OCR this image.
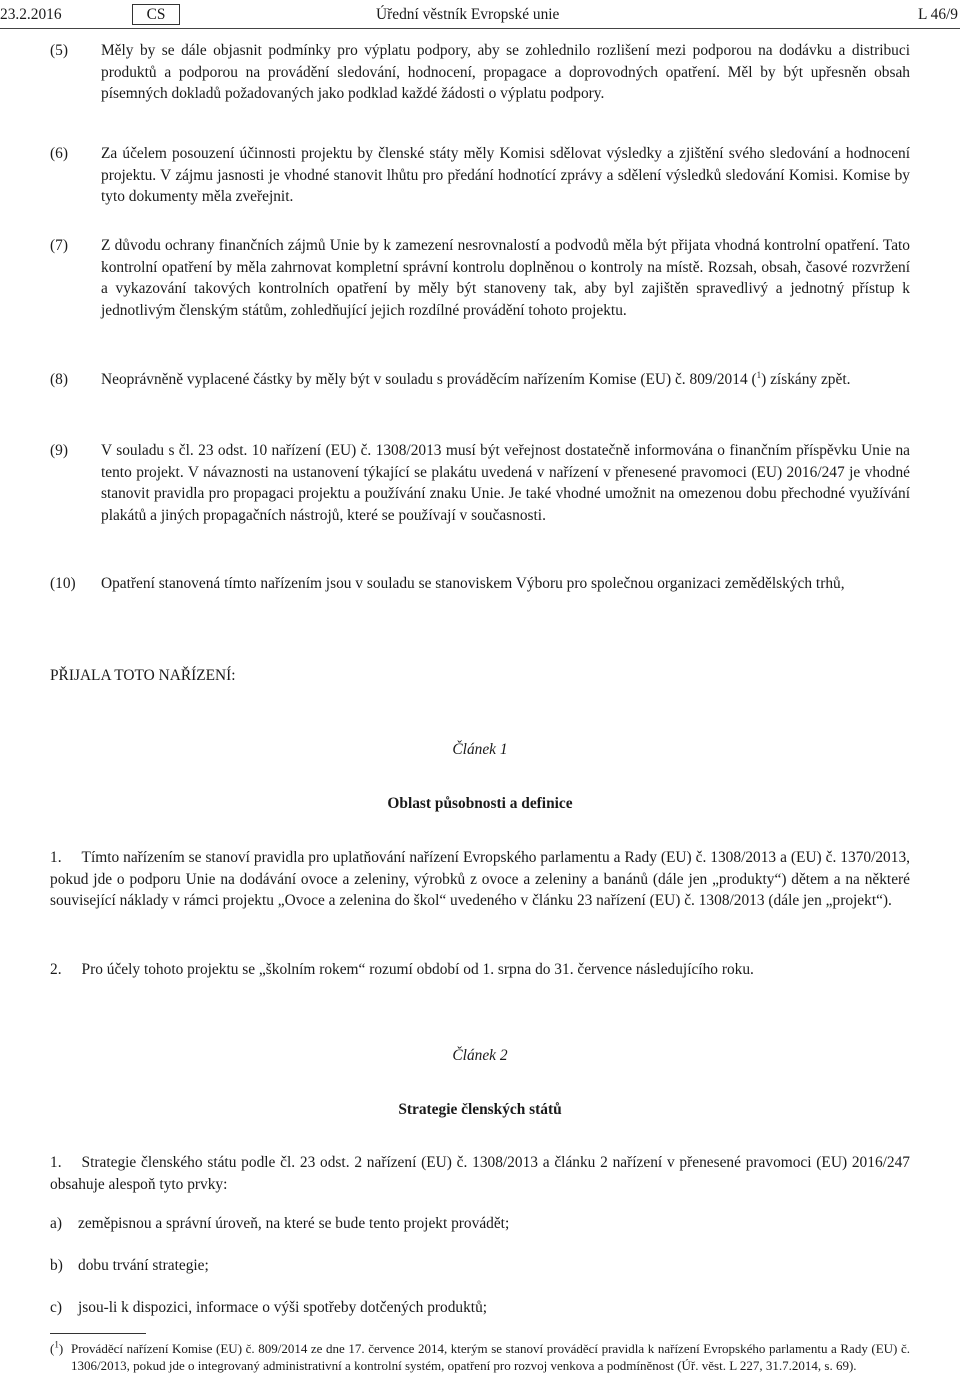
23.2.2016	CS	Úřední věstník Evropské unie	L 46/9
(5) Měly by se dále objasnit podmínky pro výplatu podpory, aby se zohlednilo rozlišení mezi podporou na dodávku a distribuci produktů a podporou na provádění sledování, hodnocení, propagace a doprovodných opatření. Měl by být upřesněn obsah písemných dokladů požadovaných jako podklad každé žádosti o výplatu podpory.
(6) Za účelem posouzení účinnosti projektu by členské státy měly Komisi sdělovat výsledky a zjištění svého sledování a hodnocení projektu. V zájmu jasnosti je vhodné stanovit lhůtu pro předání hodnotící zprávy a sdělení výsledků sledování Komisi. Komise by tyto dokumenty měla zveřejnit.
(7) Z důvodu ochrany finančních zájmů Unie by k zamezení nesrovnalostí a podvodů měla být přijata vhodná kontrolní opatření. Tato kontrolní opatření by měla zahrnovat kompletní správní kontrolu doplněnou o kontroly na místě. Rozsah, obsah, časové rozvržení a vykazování takových kontrolních opatření by měly být stanoveny tak, aby byl zajištěn spravedlivý a jednotný přístup k jednotlivým členským státům, zohledňující jejich rozdílné provádění tohoto projektu.
(8) Neoprávněně vyplacené částky by měly být v souladu s prováděcím nařízením Komise (EU) č. 809/2014 ($^1$) získány zpět.
(9) V souladu s čl. 23 odst. 10 nařízení (EU) č. 1308/2013 musí být veřejnost dostatečně informována o finančním příspěvku Unie na tento projekt. V návaznosti na ustanovení týkající se plakátu uvedená v nařízení v přenesené pravomoci (EU) 2016/247 je vhodné stanovit pravidla pro propagaci projektu a používání znaku Unie. Je také vhodné umožnit na omezenou dobu přechodné využívání plakátů a jiných propagačních nástrojů, které se používají v současnosti.
(10) Opatření stanovená tímto nařízením jsou v souladu se stanoviskem Výboru pro společnou organizaci zemědělských trhů,
PŘIJALA TOTO NAŘÍZENÍ:
Článek 1
Oblast působnosti a definice
1. Tímto nařízením se stanoví pravidla pro uplatňování nařízení Evropského parlamentu a Rady (EU) č. 1308/2013 a (EU) č. 1370/2013, pokud jde o podporu Unie na dodávání ovoce a zeleniny, výrobků z ovoce a zeleniny a banánů (dále jen „produkty“) dětem a na některé související náklady v rámci projektu „Ovoce a zelenina do škol“ uvedeného v článku 23 nařízení (EU) č. 1308/2013 (dále jen „projekt“).
2. Pro účely tohoto projektu se „školním rokem“ rozumí období od 1. srpna do 31. července následujícího roku.
Článek 2
Strategie členských států
1. Strategie členského státu podle čl. 23 odst. 2 nařízení (EU) č. 1308/2013 a článku 2 nařízení v přenesené pravomoci (EU) 2016/247 obsahuje alespoň tyto prvky:
a) zeměpisnou a správní úroveň, na které se bude tento projekt provádět;
b) dobu trvání strategie;
c) jsou-li k dispozici, informace o výši spotřeby dotčených produktů;
($^1$) Prováděcí nařízení Komise (EU) č. 809/2014 ze dne 17. července 2014, kterým se stanoví prováděcí pravidla k nařízení Evropského parlamentu a Rady (EU) č. 1306/2013, pokud jde o integrovaný administrativní a kontrolní systém, opatření pro rozvoj venkova a podmíněnost (Úř. věst. L 227, 31.7.2014, s. 69).
